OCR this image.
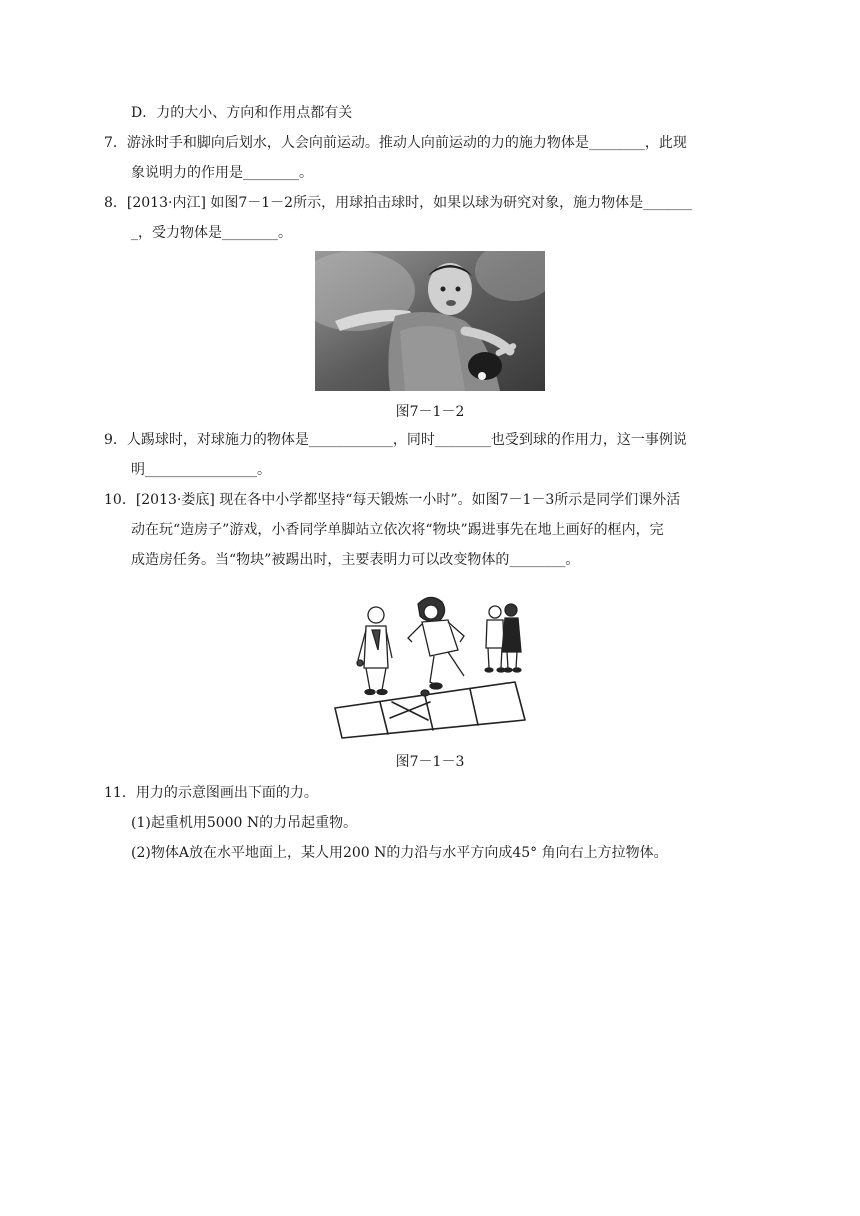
D．力的大小、方向和作用点都有关
7．游泳时手和脚向后划水，人会向前运动。推动人向前运动的力的施力物体是________，此现
象说明力的作用是________。
8．[2013·内江] 如图7－1－2所示，用球拍击球时，如果以球为研究对象，施力物体是_______
_，受力物体是________。
图7－1－2
9．人踢球时，对球施力的物体是____________，同时________也受到球的作用力，这一事例说
明________________。
10．[2013·娄底] 现在各中小学都坚持“每天锻炼一小时”。如图7－1－3所示是同学们课外活
动在玩“造房子”游戏，小香同学单脚站立依次将“物块”踢进事先在地上画好的框内，完
成造房任务。当“物块”被踢出时，主要表明力可以改变物体的________。
图7－1－3
11．用力的示意图画出下面的力。
(1)起重机用5000 N的力吊起重物。
(2)物体A放在水平地面上，某人用200 N的力沿与水平方向成45° 角向右上方拉物体。
